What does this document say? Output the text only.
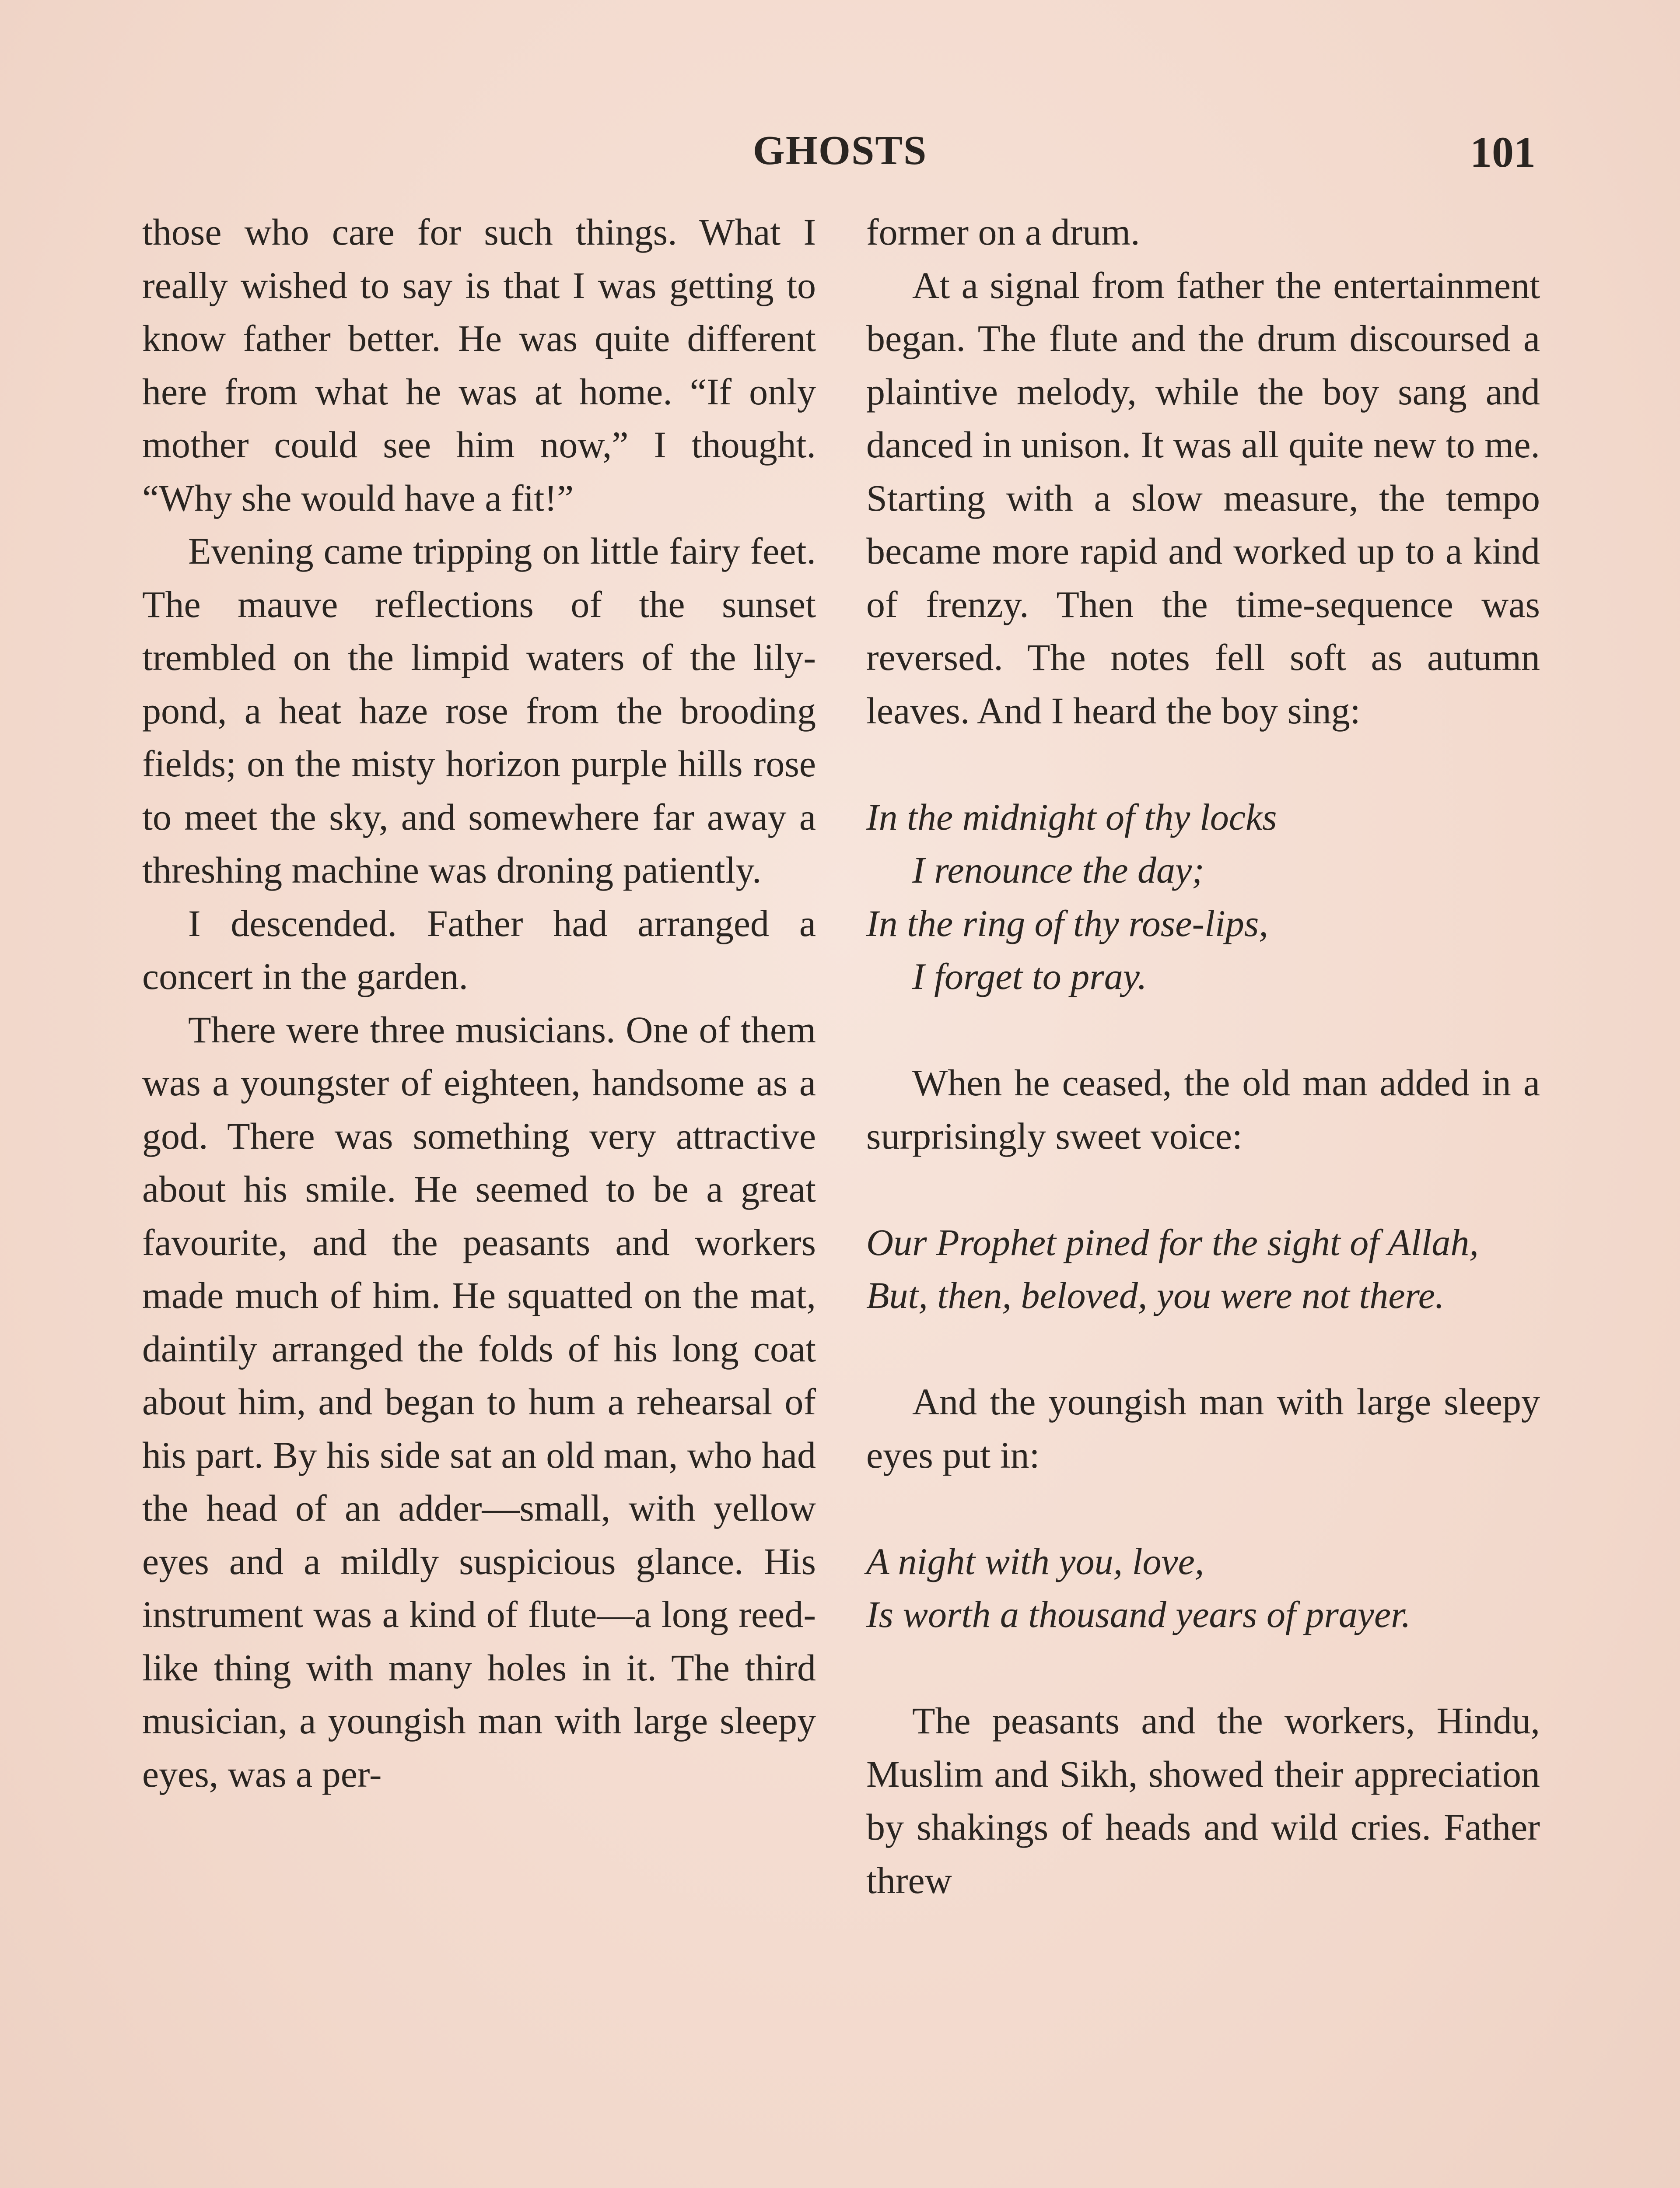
GHOSTS	101

those who care for such things. What I really wished to say is that I was getting to know father better. He was quite different here from what he was at home. “If only mother could see him now,” I thought. “Why she would have a fit!”

Evening came tripping on little fairy feet. The mauve reflections of the sunset trembled on the limpid waters of the lily-pond, a heat haze rose from the brooding fields; on the misty horizon purple hills rose to meet the sky, and somewhere far away a threshing machine was droning patiently.

I descended. Father had arranged a concert in the garden.

There were three musicians. One of them was a youngster of eighteen, handsome as a god. There was something very attractive about his smile. He seemed to be a great favourite, and the peasants and workers made much of him. He squatted on the mat, daintily arranged the folds of his long coat about him, and began to hum a rehearsal of his part. By his side sat an old man, who had the head of an adder—small, with yellow eyes and a mildly suspicious glance. His instrument was a kind of flute—a long reed-like thing with many holes in it. The third musician, a youngish man with large sleepy eyes, was a per-

former on a drum.

At a signal from father the entertainment began. The flute and the drum discoursed a plaintive melody, while the boy sang and danced in unison. It was all quite new to me. Starting with a slow measure, the tempo became more rapid and worked up to a kind of frenzy. Then the time-sequence was reversed. The notes fell soft as autumn leaves. And I heard the boy sing:

In the midnight of thy locks
I renounce the day;
In the ring of thy rose-lips,
I forget to pray.

When he ceased, the old man added in a surprisingly sweet voice:

Our Prophet pined for the sight of Allah,
But, then, beloved, you were not there.

And the youngish man with large sleepy eyes put in:

A night with you, love,
Is worth a thousand years of prayer.

The peasants and the workers, Hindu, Muslim and Sikh, showed their appreciation by shakings of heads and wild cries. Father threw
